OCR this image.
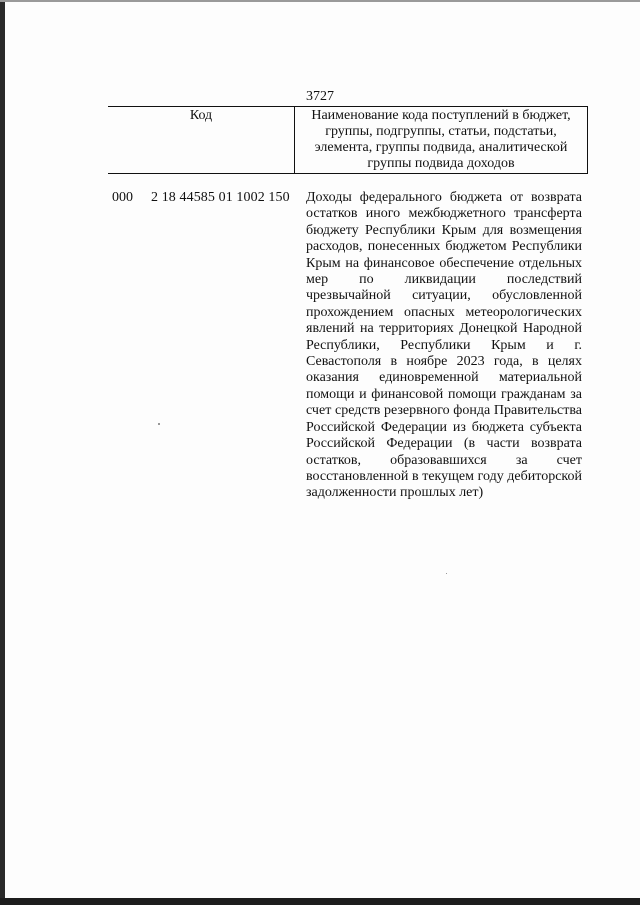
3727
Код	Наименование кода поступлений в бюджет, группы, подгруппы, статьи, подстатьи, элемента, группы подвида, аналитической группы подвида доходов
000 2 18 44585 01 1002 150 Доходы федерального бюджета от возврата остатков иного межбюджетного трансферта бюджету Республики Крым для возмещения расходов, понесенных бюджетом Республики Крым на финансовое обеспечение отдельных мер по ликвидации последствий чрезвычайной ситуации, обусловленной прохождением опасных метеорологических явлений на территориях Донецкой Народной Республики, Республики Крым и г. Севастополя в ноябре 2023 года, в целях оказания единовременной материальной помощи и финансовой помощи гражданам за счет средств резервного фонда Правительства Российской Федерации из бюджета субъекта Российской Федерации (в части возврата остатков, образовавшихся за счет восстановленной в текущем году дебиторской задолженности прошлых лет)
